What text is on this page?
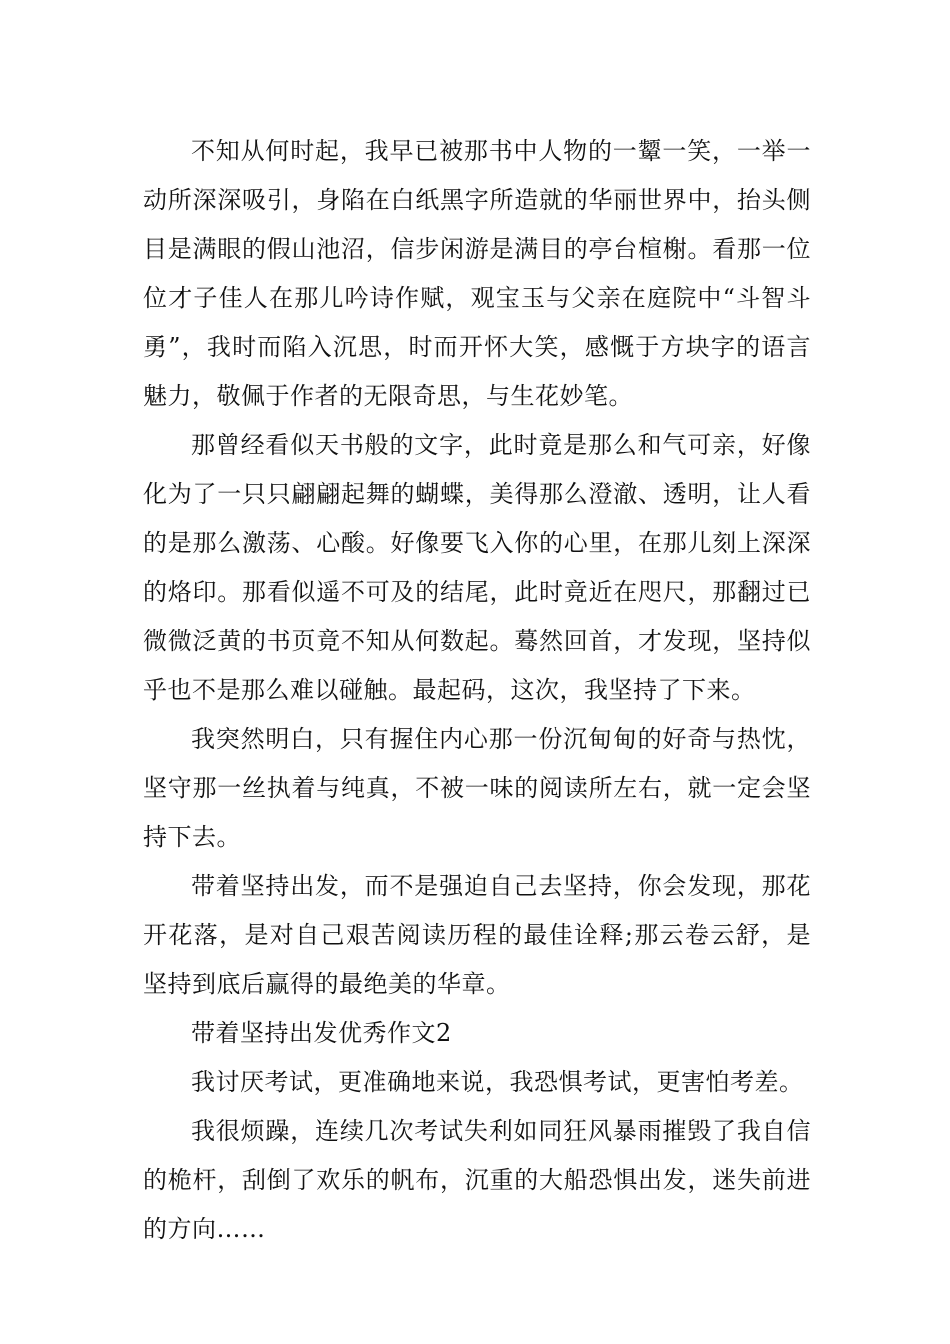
不知从何时起，我早已被那书中人物的一颦一笑，一举一动所深深吸引，身陷在白纸黑字所造就的华丽世界中，抬头侧目是满眼的假山池沼，信步闲游是满目的亭台楦榭。看那一位位才子佳人在那儿吟诗作赋，观宝玉与父亲在庭院中“斗智斗勇”，我时而陷入沉思，时而开怀大笑，感慨于方块字的语言魅力，敬佩于作者的无限奇思，与生花妙笔。

那曾经看似天书般的文字，此时竟是那么和气可亲，好像化为了一只只翩翩起舞的蝴蝶，美得那么澄澈、透明，让人看的是那么激荡、心酸。好像要飞入你的心里，在那儿刻上深深的烙印。那看似遥不可及的结尾，此时竟近在咫尺，那翻过已微微泛黄的书页竟不知从何数起。蓦然回首，才发现，坚持似乎也不是那么难以碰触。最起码，这次，我坚持了下来。

我突然明白，只有握住内心那一份沉甸甸的好奇与热忱，坚守那一丝执着与纯真，不被一味的阅读所左右，就一定会坚持下去。

带着坚持出发，而不是强迫自己去坚持，你会发现，那花开花落，是对自己艰苦阅读历程的最佳诠释;那云卷云舒，是坚持到底后赢得的最绝美的华章。

带着坚持出发优秀作文2

我讨厌考试，更准确地来说，我恐惧考试，更害怕考差。

我很烦躁，连续几次考试失利如同狂风暴雨摧毁了我自信的桅杆，刮倒了欢乐的帆布，沉重的大船恐惧出发，迷失前进的方向……
